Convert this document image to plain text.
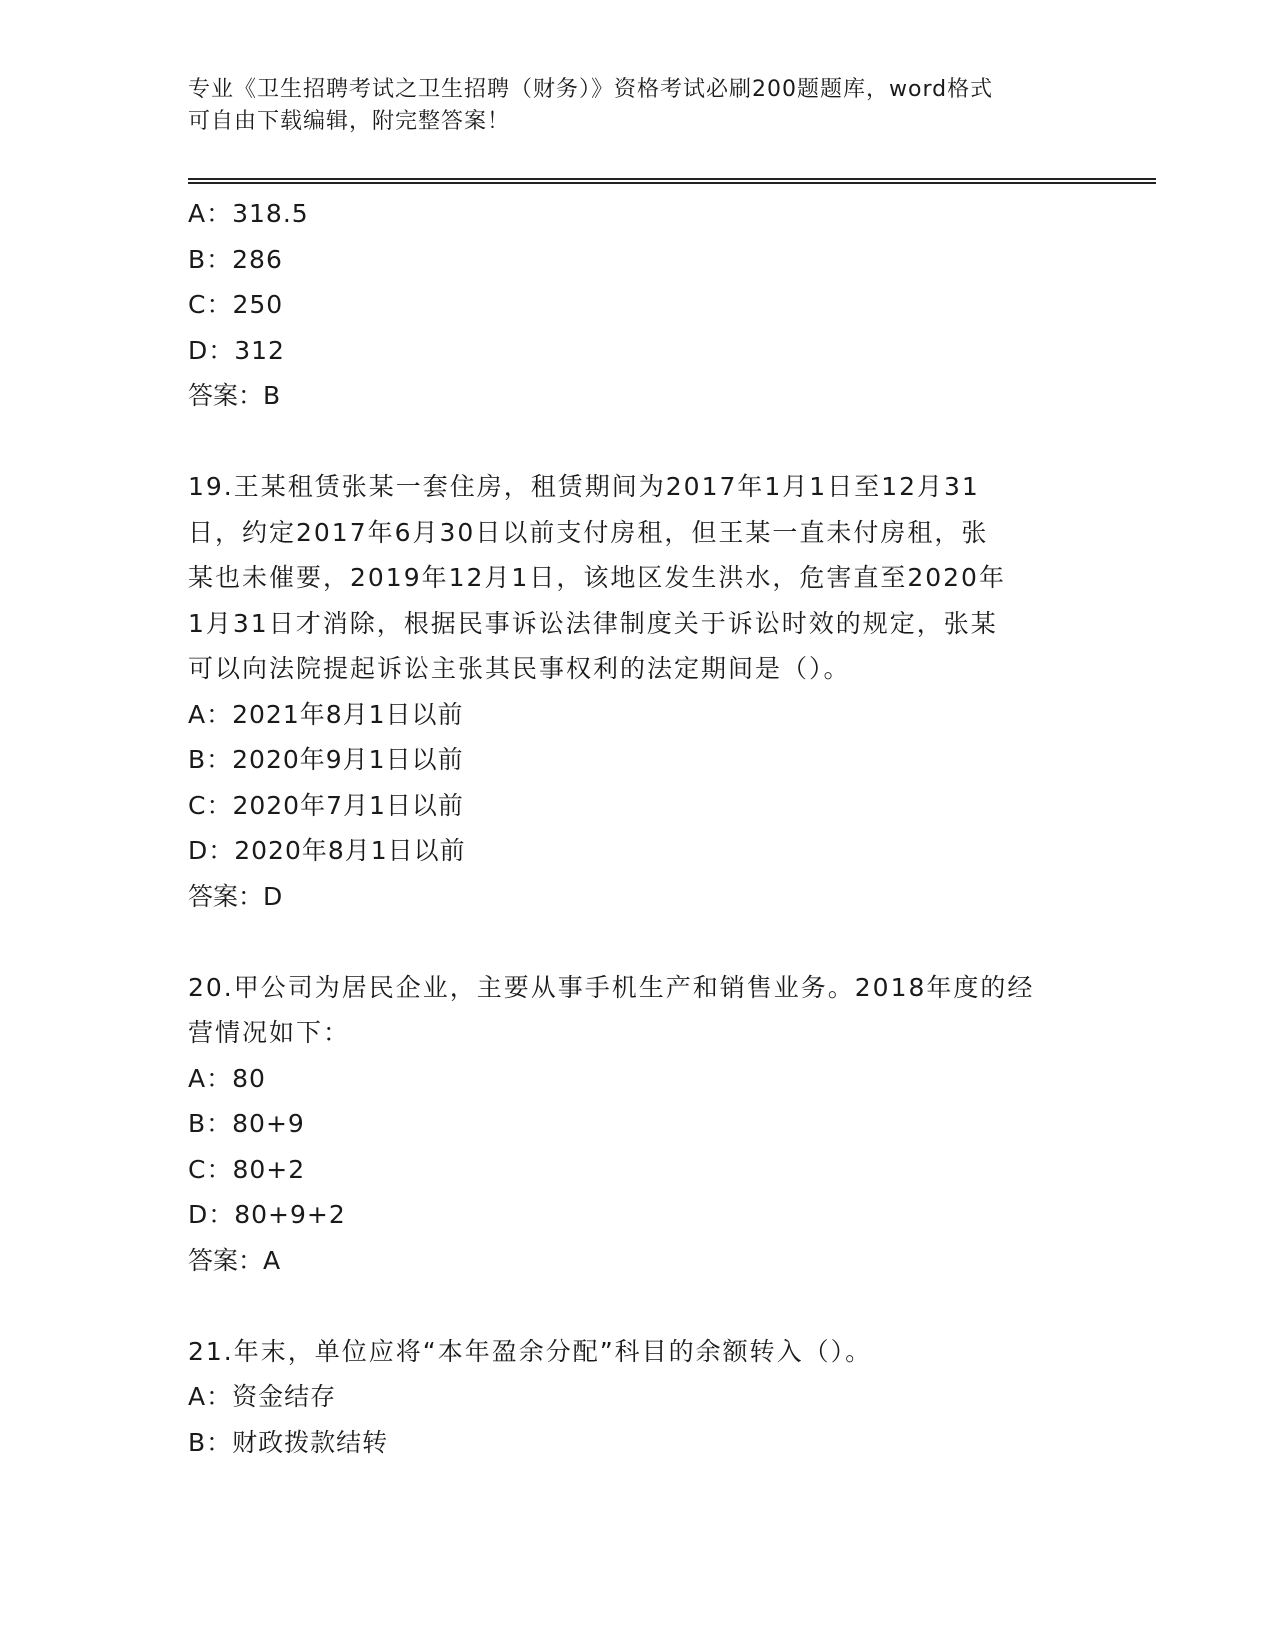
专业《卫生招聘考试之卫生招聘（财务）》资格考试必刷200题题库，word格式
可自由下载编辑，附完整答案！
A：318.5
B：286
C：250
D：312
答案：B
19.王某租赁张某一套住房，租赁期间为2017年1月1日至12月31
日，约定2017年6月30日以前支付房租，但王某一直未付房租，张
某也未催要，2019年12月1日，该地区发生洪水，危害直至2020年
1月31日才消除，根据民事诉讼法律制度关于诉讼时效的规定，张某
可以向法院提起诉讼主张其民事权利的法定期间是（）。
A：2021年8月1日以前
B：2020年9月1日以前
C：2020年7月1日以前
D：2020年8月1日以前
答案：D
20.甲公司为居民企业，主要从事手机生产和销售业务。2018年度的经
营情况如下：
A：80
B：80+9
C：80+2
D：80+9+2
答案：A
21.年末，单位应将“本年盈余分配”科目的余额转入（）。
A：资金结存
B：财政拨款结转
